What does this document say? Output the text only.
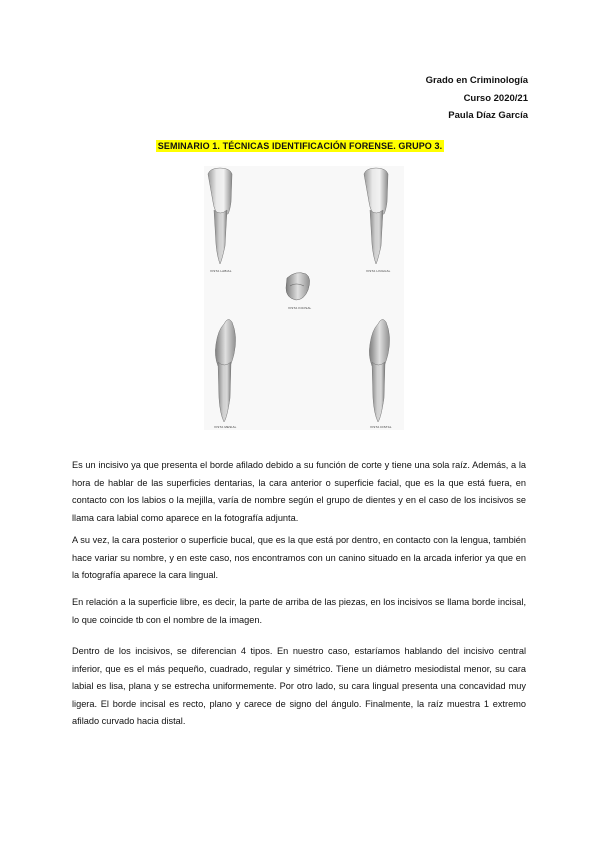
Grado en Criminología
Curso 2020/21
Paula Díaz García
SEMINARIO 1. TÉCNICAS IDENTIFICACIÓN FORENSE. GRUPO 3.
VISTA LABIAL	VISTA LINGUAL
VISTA INCISAL
VISTA MESIAL	VISTA DISTAL

Es un incisivo ya que presenta el borde afilado debido a su función de corte y tiene una sola raíz. Además, a la hora de hablar de las superficies dentarias, la cara anterior o superficie facial, que es la que está fuera, en contacto con los labios o la mejilla, varía de nombre según el grupo de dientes y en el caso de los incisivos se llama cara labial como aparece en la fotografía adjunta.

A su vez, la cara posterior o superficie bucal, que es la que está por dentro, en contacto con la lengua, también hace variar su nombre, y en este caso, nos encontramos con un canino situado en la arcada inferior ya que en la fotografía aparece la cara lingual.

En relación a la superficie libre, es decir, la parte de arriba de las piezas, en los incisivos se llama borde incisal, lo que coincide tb con el nombre de la imagen.

Dentro de los incisivos, se diferencian 4 tipos. En nuestro caso, estaríamos hablando del incisivo central inferior, que es el más pequeño, cuadrado, regular y simétrico. Tiene un diámetro mesiodistal menor, su cara labial es lisa, plana y se estrecha uniformemente. Por otro lado, su cara lingual presenta una concavidad muy ligera. El borde incisal es recto, plano y carece de signo del ángulo. Finalmente, la raíz muestra 1 extremo afilado curvado hacia distal.
